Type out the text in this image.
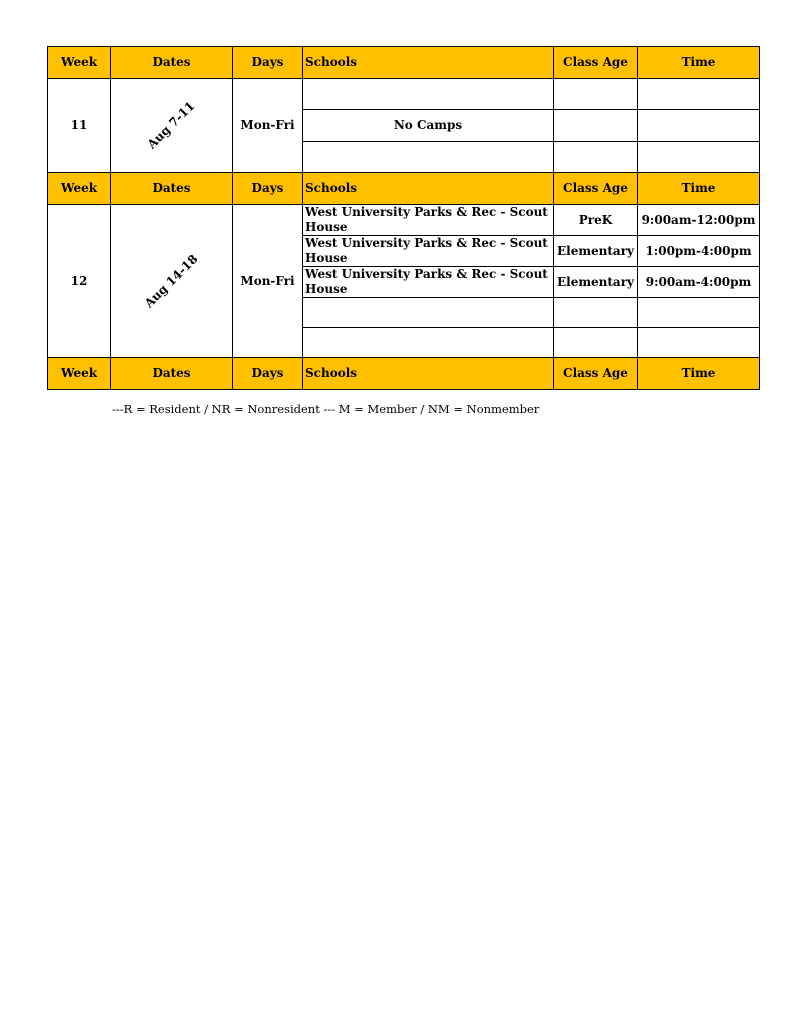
Week	Dates	Days	Schools	Class Age	Time
11	Aug 7-11	Mon-Fri			
			No Camps		

Week	Dates	Days	Schools	Class Age	Time
12	Aug 14-18	Mon-Fri	West University Parks & Rec - Scout House	PreK	9:00am-12:00pm
			West University Parks & Rec - Scout House	Elementary	1:00pm-4:00pm
			West University Parks & Rec - Scout House	Elementary	9:00am-4:00pm

Week	Dates	Days	Schools	Class Age	Time
---R = Resident / NR = Nonresident --- M = Member / NM = Nonmember
